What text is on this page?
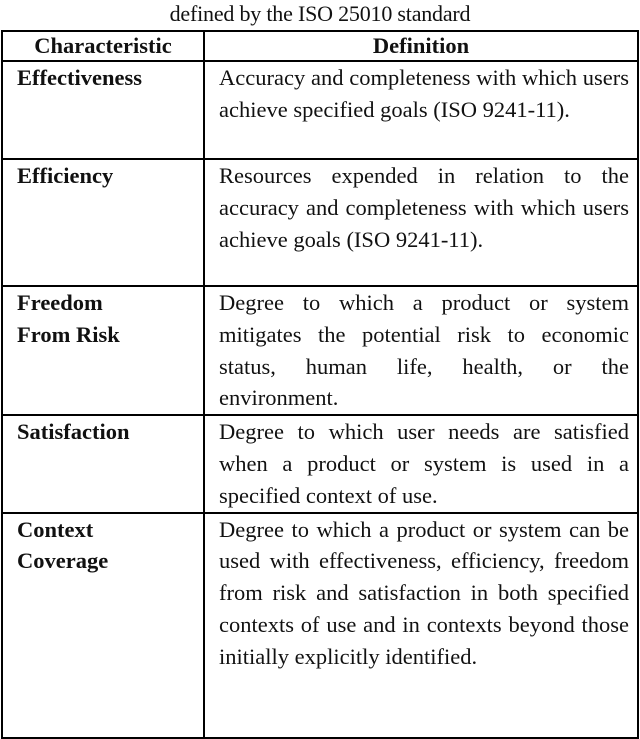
defined by the ISO 25010 standard
Characteristic	Definition
Effectiveness	Accuracy and completeness with which users achieve specified goals (ISO 9241-11).
Efficiency	Resources expended in relation to the accuracy and completeness with which users achieve goals (ISO 9241-11).
Freedom From Risk	Degree to which a product or system mitigates the potential risk to economic status, human life, health, or the environment.
Satisfaction	Degree to which user needs are satisfied when a product or system is used in a specified context of use.
Context Coverage	Degree to which a product or system can be used with effectiveness, efficiency, freedom from risk and satisfaction in both specified contexts of use and in contexts beyond those initially explicitly identified.
